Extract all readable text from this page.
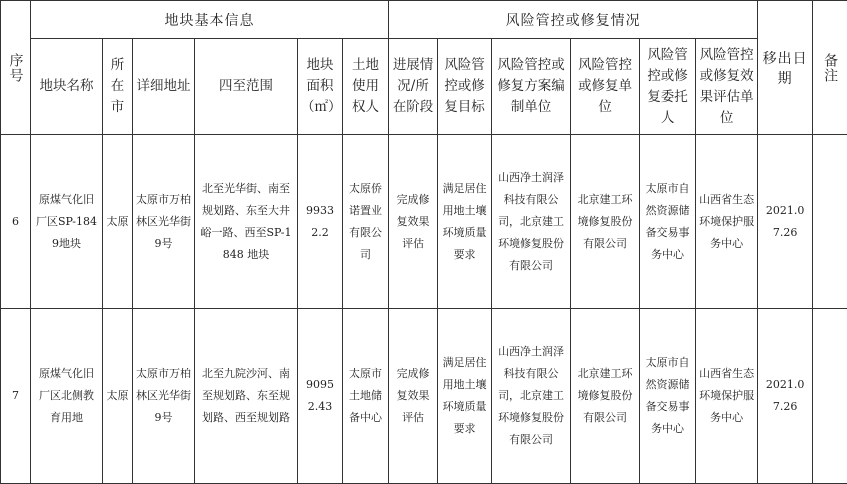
序号	地块基本信息						风险管控或修复情况						移出日期	备注
	地块名称	所在市	详细地址	四至范围	地块面积（㎡）	土地使用权人	进展情况/所在阶段	风险管控或修复目标	风险管控或修复方案编制单位	风险管控或修复单位	风险管控或修复委托人	风险管控或修复效果评估单位		
6	原煤气化旧厂区SP-1849地块	太原	太原市万柏林区光华街9号	北至光华街、南至规划路、东至大井峪一路、西至SP-1848 地块	99332.2	太原侨诺置业有限公司	完成修复效果评估	满足居住用地土壤环境质量要求	山西净土润泽科技有限公司，北京建工环境修复股份有限公司	北京建工环境修复股份有限公司	太原市自然资源储备交易事务中心	山西省生态环境保护服务中心	2021.07.26	
7	原煤气化旧厂区北侧教育用地	太原	太原市万柏林区光华街9号	北至九院沙河、南至规划路、东至规划路、西至规划路	90952.43	太原市土地储备中心	完成修复效果评估	满足居住用地土壤环境质量要求	山西净土润泽科技有限公司，北京建工环境修复股份有限公司	北京建工环境修复股份有限公司	太原市自然资源储备交易事务中心	山西省生态环境保护服务中心	2021.07.26	
